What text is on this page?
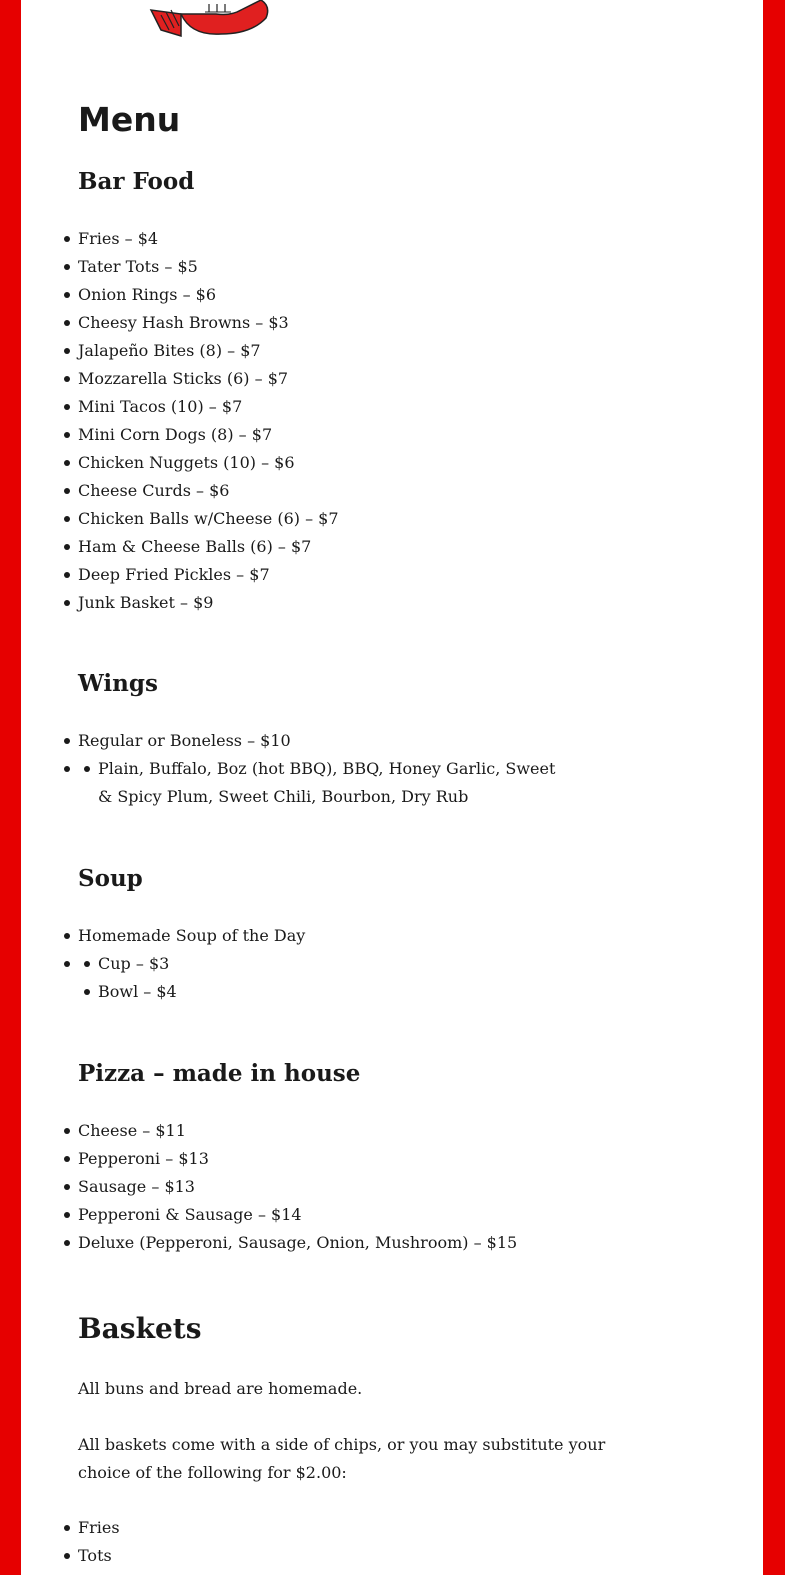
Menu
Bar Food
Fries – $4
Tater Tots – $5
Onion Rings – $6
Cheesy Hash Browns – $3
Jalapeño Bites (8) – $7
Mozzarella Sticks (6) – $7
Mini Tacos (10) – $7
Mini Corn Dogs (8) – $7
Chicken Nuggets (10) – $6
Cheese Curds – $6
Chicken Balls w/Cheese (6) – $7
Ham & Cheese Balls (6) – $7
Deep Fried Pickles – $7
Junk Basket – $9
Wings
Regular or Boneless – $10
Plain, Buffalo, Boz (hot BBQ), BBQ, Honey Garlic, Sweet & Spicy Plum, Sweet Chili, Bourbon, Dry Rub
Soup
Homemade Soup of the Day
Cup – $3
Bowl – $4
Pizza – made in house
Cheese – $11
Pepperoni – $13
Sausage – $13
Pepperoni & Sausage – $14
Deluxe (Pepperoni, Sausage, Onion, Mushroom) – $15
Baskets

All buns and bread are homemade.

All baskets come with a side of chips, or you may substitute your choice of the following for $2.00:

Fries
Tots
